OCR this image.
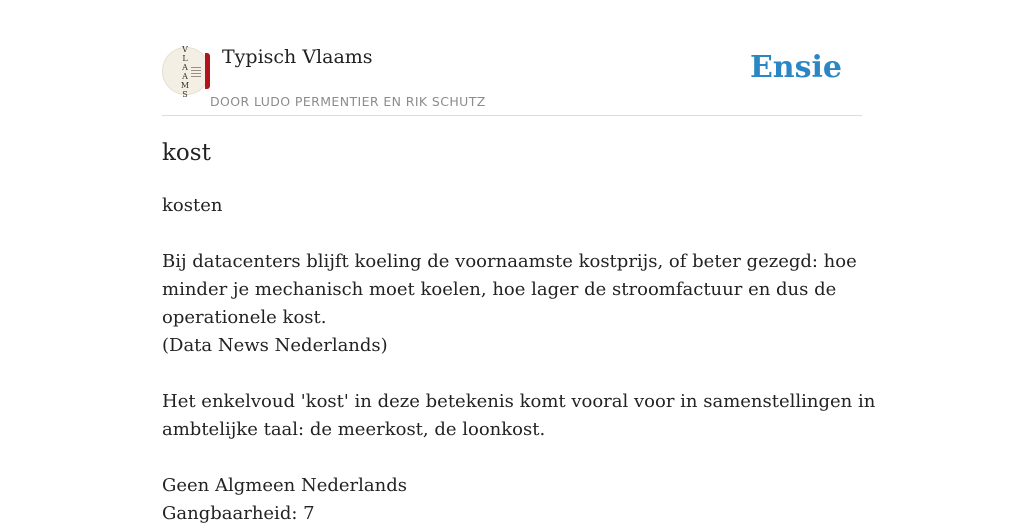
V
L
A
A
M
S
Typisch Vlaams
DOOR LUDO PERMENTIER EN RIK SCHUTZ
Ensie
kost
kosten
Bij datacenters blijft koeling de voornaamste kostprijs, of beter gezegd: hoe
minder je mechanisch moet koelen, hoe lager de stroomfactuur en dus de
operationele kost.
(Data News Nederlands)
Het enkelvoud 'kost' in deze betekenis komt vooral voor in samenstellingen in
ambtelijke taal: de meerkost, de loonkost.
Geen Algmeen Nederlands
Gangbaarheid: 7
